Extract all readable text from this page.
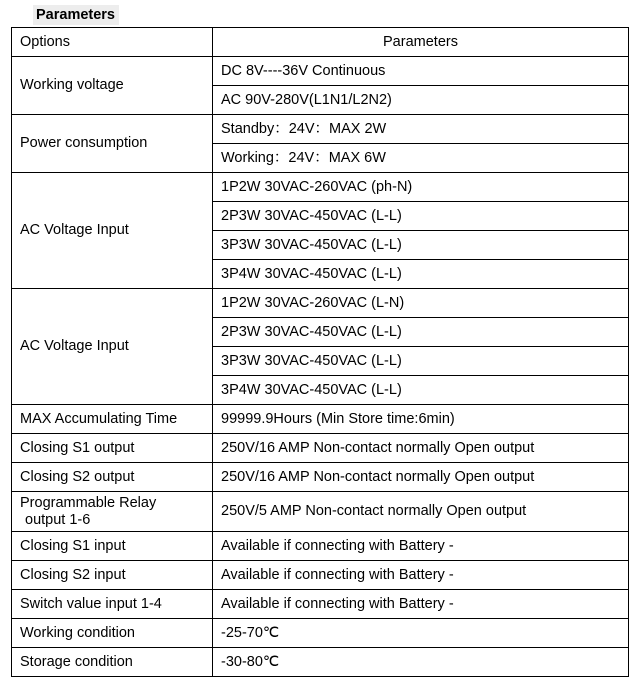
Parameters
Options	Parameters
Working voltage	DC 8V----36V Continuous
	AC 90V-280V(L1N1/L2N2)
Power consumption	Standby：24V：MAX 2W
	Working：24V：MAX 6W
AC Voltage Input	1P2W 30VAC-260VAC (ph-N)
	2P3W 30VAC-450VAC (L-L)
	3P3W 30VAC-450VAC (L-L)
	3P4W 30VAC-450VAC (L-L)
AC Voltage Input	1P2W 30VAC-260VAC (L-N)
	2P3W 30VAC-450VAC (L-L)
	3P3W 30VAC-450VAC (L-L)
	3P4W 30VAC-450VAC (L-L)
MAX Accumulating Time	99999.9Hours (Min Store time:6min)
Closing S1 output	250V/16 AMP Non-contact normally Open output
Closing S2 output	250V/16 AMP Non-contact normally Open output
Programmable Relay
output 1-6	250V/5 AMP Non-contact normally Open output
Closing S1 input	Available if connecting with Battery -
Closing S2 input	Available if connecting with Battery -
Switch value input 1-4	Available if connecting with Battery -
Working condition	-25-70℃
Storage condition	-30-80℃
